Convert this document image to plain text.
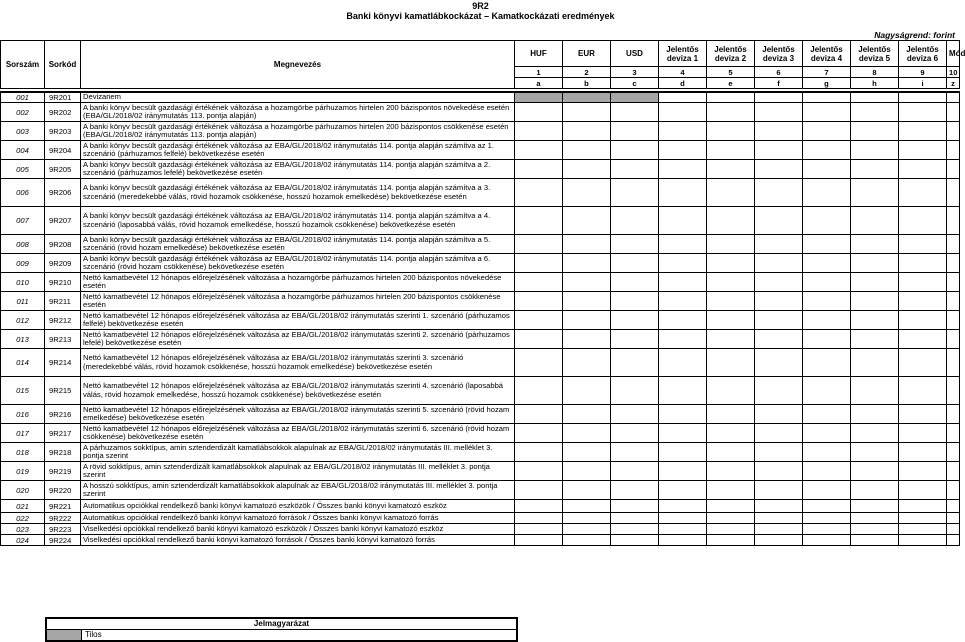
9R2
Banki könyvi kamatlábkockázat – Kamatkockázati eredmények
Nagyságrend: forint
Sorszám	Sorkód	Megnevezés	HUF	EUR	USD	Jelentős deviza 1	Jelentős deviza 2	Jelentős deviza 3	Jelentős deviza 4	Jelentős deviza 5	Jelentős deviza 6	Mód
			1	2	3	4	5	6	7	8	9	10
			a	b	c	d	e	f	g	h	i	z

001	9R201	Devizanem										
002	9R202	A banki könyv becsült gazdasági értékének változása a hozamgörbe párhuzamos hirtelen 200 bázispontos növekedése esetén (EBA/GL/2018/02 iránymutatás 113. pontja alapján)										
003	9R203	A banki könyv becsült gazdasági értékének változása a hozamgörbe párhuzamos hirtelen 200 bázispontos csökkenése esetén (EBA/GL/2018/02 iránymutatás 113. pontja alapján)										
004	9R204	A banki könyv becsült gazdasági értékének változása az EBA/GL/2018/02 iránymutatás 114. pontja alapján számítva az 1. szcenárió (párhuzamos felfelé) bekövetkezése esetén										
005	9R205	A banki könyv becsült gazdasági értékének változása az EBA/GL/2018/02 iránymutatás 114. pontja alapján számítva a 2. szcenárió (párhuzamos lefelé) bekövetkezése esetén										
006	9R206	A banki könyv becsült gazdasági értékének változása az EBA/GL/2018/02 iránymutatás 114. pontja alapján számítva a 3. szcenárió (meredekebbé válás, rövid hozamok csökkenése, hosszú hozamok emelkedése) bekövetkezése esetén										
007	9R207	A banki könyv becsült gazdasági értékének változása az EBA/GL/2018/02 iránymutatás 114. pontja alapján számítva a 4. szcenárió (laposabbá válás, rövid hozamok emelkedése, hosszú hozamok csökkenése) bekövetkezése esetén										
008	9R208	A banki könyv becsült gazdasági értékének változása az EBA/GL/2018/02 iránymutatás 114. pontja alapján számítva a 5. szcenárió (rövid hozam emelkedése) bekövetkezése esetén										
009	9R209	A banki könyv becsült gazdasági értékének változása az EBA/GL/2018/02 iránymutatás 114. pontja alapján számítva a 6. szcenárió (rövid hozam csökkenése) bekövetkezése esetén										
010	9R210	Nettó kamatbevétel 12 hónapos előrejelzésének változása a hozamgörbe párhuzamos hirtelen 200 bázispontos növekedése esetén										
011	9R211	Nettó kamatbevétel 12 hónapos előrejelzésének változása a hozamgörbe párhuzamos hirtelen 200 bázispontos csökkenése esetén										
012	9R212	Nettó kamatbevétel 12 hónapos előrejelzésének változása az EBA/GL/2018/02 iránymutatás szerinti 1. szcenárió (párhuzamos felfelé) bekövetkezése esetén										
013	9R213	Nettó kamatbevétel 12 hónapos előrejelzésének változása az EBA/GL/2018/02 iránymutatás szerinti 2. szcenárió (párhuzamos lefelé) bekövetkezése esetén										
014	9R214	Nettó kamatbevétel 12 hónapos előrejelzésének változása az EBA/GL/2018/02 iránymutatás szerinti 3. szcenárió (meredekebbé válás, rövid hozamok csökkenése, hosszú hozamok emelkedése) bekövetkezése esetén										
015	9R215	Nettó kamatbevétel 12 hónapos előrejelzésének változása az EBA/GL/2018/02 iránymutatás szerinti 4. szcenárió (laposabbá válás, rövid hozamok emelkedése, hosszú hozamok csökkenése) bekövetkezése esetén										
016	9R216	Nettó kamatbevétel 12 hónapos előrejelzésének változása az EBA/GL/2018/02 iránymutatás szerinti 5. szcenárió (rövid hozam emelkedése) bekövetkezése esetén										
017	9R217	Nettó kamatbevétel 12 hónapos előrejelzésének változása az EBA/GL/2018/02 iránymutatás szerinti 6. szcenárió (rövid hozam csökkenése) bekövetkezése esetén										
018	9R218	A párhuzamos sokktípus, amin sztenderdizált kamatlábsokkok alapulnak az EBA/GL/2018/02 iránymutatás III. melléklet 3. pontja szerint										
019	9R219	A rövid sokktípus, amin sztenderdizált kamatlábsokkok alapulnak az EBA/GL/2018/02 iránymutatás III. melléklet 3. pontja szerint										
020	9R220	A hosszú sokktípus, amin sztenderdizált kamatlábsokkok alapulnak az EBA/GL/2018/02 iránymutatás III. melléklet 3. pontja szerint										
021	9R221	Automatikus opciókkal rendelkező banki könyvi kamatozó eszközök / Összes banki könyvi kamatozó eszköz										
022	9R222	Automatikus opciókkal rendelkező banki könyvi kamatozó források / Összes banki könyvi kamatozó forrás										
023	9R223	Viselkedési opciókkal rendelkező banki könyvi kamatozó eszközök / Összes banki könyvi kamatozó eszköz										
024	9R224	Viselkedési opciókkal rendelkező banki könyvi kamatozó források / Összes banki könyvi kamatozó forrás										
Jelmagyarázat
Tilos
